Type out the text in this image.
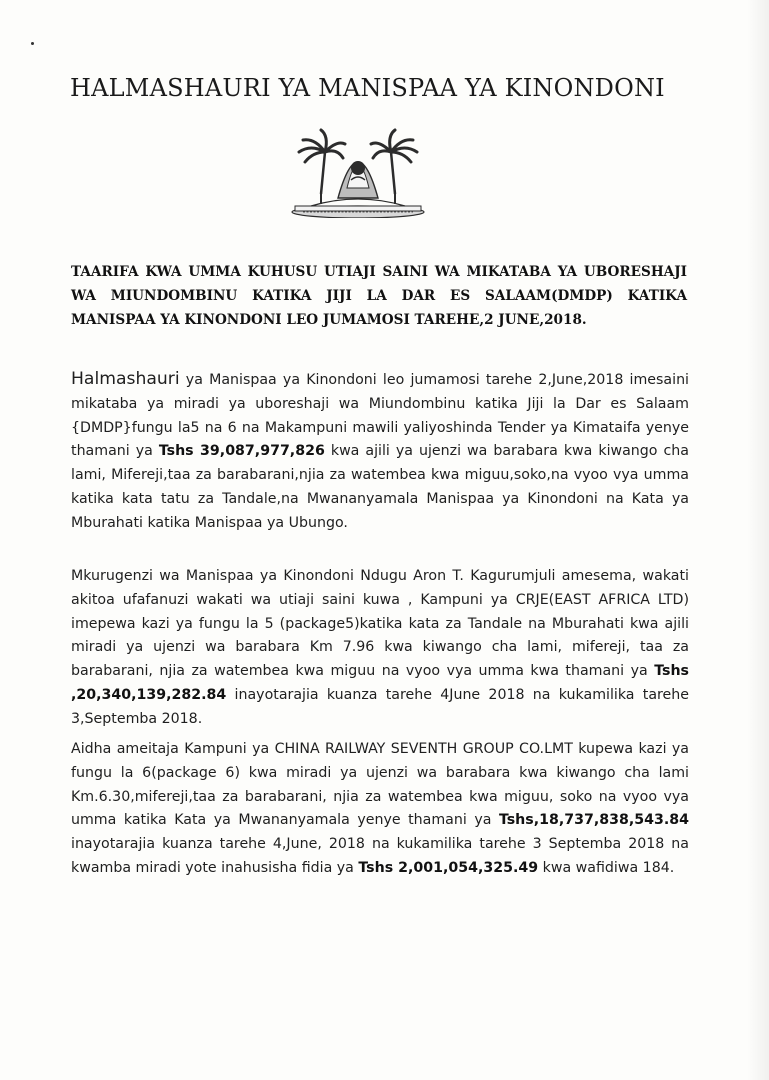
HALMASHAURI YA MANISPAA YA KINONDONI
TAARIFA KWA UMMA KUHUSU UTIAJI SAINI WA MIKATABA YA UBORESHAJI WA MIUNDOMBINU KATIKA JIJI LA DAR ES SALAAM(DMDP) KATIKA MANISPAA YA KINONDONI LEO JUMAMOSI TAREHE,2 JUNE,2018.
Halmashauri ya Manispaa ya Kinondoni leo jumamosi tarehe 2,June,2018 imesaini mikataba ya miradi ya uboreshaji wa Miundombinu katika Jiji la Dar es Salaam {DMDP}fungu la5 na 6 na Makampuni mawili yaliyoshinda Tender ya Kimataifa yenye thamani ya Tshs 39,087,977,826 kwa ajili ya ujenzi wa barabara kwa kiwango cha lami, Mifereji,taa za barabarani,njia za watembea kwa miguu,soko,na vyoo vya umma katika kata tatu za Tandale,na Mwananyamala Manispaa ya Kinondoni na Kata ya Mburahati katika Manispaa ya Ubungo.
Mkurugenzi wa Manispaa ya Kinondoni Ndugu Aron T. Kagurumjuli amesema, wakati akitoa ufafanuzi wakati wa utiaji saini kuwa , Kampuni ya CRJE(EAST AFRICA LTD) imepewa kazi ya fungu la 5 (package5)katika kata za Tandale na Mburahati kwa ajili miradi ya ujenzi wa barabara Km 7.96 kwa kiwango cha lami, mifereji, taa za barabarani, njia za watembea kwa miguu na vyoo vya umma kwa thamani ya Tshs ,20,340,139,282.84 inayotarajia kuanza tarehe 4June 2018 na kukamilika tarehe 3,Septemba 2018.
Aidha ameitaja Kampuni ya CHINA RAILWAY SEVENTH GROUP CO.LMT kupewa kazi ya fungu la 6(package 6) kwa miradi ya ujenzi wa barabara kwa kiwango cha lami Km.6.30,mifereji,taa za barabarani, njia za watembea kwa miguu, soko na vyoo vya umma katika Kata ya Mwananyamala yenye thamani ya Tshs,18,737,838,543.84 inayotarajia kuanza tarehe 4,June, 2018 na kukamilika tarehe 3 Septemba 2018 na kwamba miradi yote inahusisha fidia ya Tshs 2,001,054,325.49 kwa wafidiwa 184.
